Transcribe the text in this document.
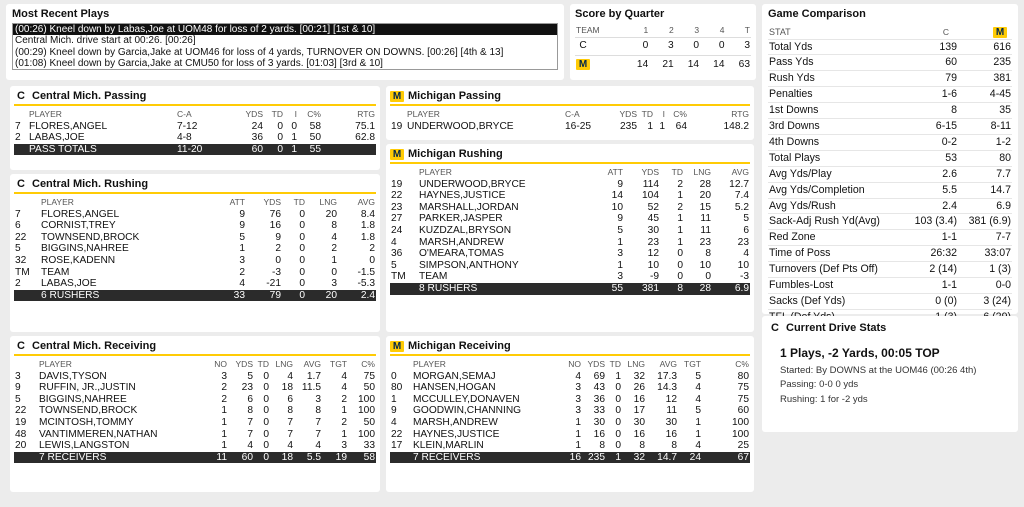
Most Recent Plays
(00:26) Kneel down by Labas,Joe at UOM48 for loss of 2 yards. [00:21] [1st & 10]
Central Mich. drive start at 00:26. [00:26]
(00:29) Kneel down by Garcia,Jake at UOM46 for loss of 4 yards, TURNOVER ON DOWNS. [00:26] [4th & 13]
(01:08) Kneel down by Garcia,Jake at CMU50 for loss of 3 yards. [01:03] [3rd & 10]
Score by Quarter
TEAM	1	2	3	4	T
C	0	3	0	0	3
M	14	21	14	14	63
C Central Mich. Passing
	PLAYER	C-A	YDS	TD	I	C%	RTG
7	FLORES,ANGEL	7-12	24	0	0	58	75.1
2	LABAS,JOE	4-8	36	0	1	50	62.8
	PASS TOTALS	11-20	60	0	1	55	
C Central Mich. Rushing
	PLAYER	ATT	YDS	TD	LNG	AVG
7	FLORES,ANGEL	9	76	0	20	8.4
6	CORNIST,TREY	9	16	0	8	1.8
22	TOWNSEND,BROCK	5	9	0	4	1.8
5	BIGGINS,NAHREE	1	2	0	2	2
32	ROSE,KADENN	3	0	0	1	0
TM	TEAM	2	-3	0	0	-1.5
2	LABAS,JOE	4	-21	0	3	-5.3
	6 RUSHERS	33	79	0	20	2.4
C Central Mich. Receiving
	PLAYER	NO	YDS	TD	LNG	AVG	TGT	C%
3	DAVIS,TYSON	3	5	0	4	1.7	4	75
9	RUFFIN, JR.,JUSTIN	2	23	0	18	11.5	4	50
5	BIGGINS,NAHREE	2	6	0	6	3	2	100
22	TOWNSEND,BROCK	1	8	0	8	8	1	100
19	MCINTOSH,TOMMY	1	7	0	7	7	2	50
48	VANTIMMEREN,NATHAN	1	7	0	7	7	1	100
20	LEWIS,LANGSTON	1	4	0	4	4	3	33
	7 RECEIVERS	11	60	0	18	5.5	19	58
M Michigan Passing
	PLAYER	C-A	YDS	TD	I	C%	RTG
19	UNDERWOOD,BRYCE	16-25	235	1	1	64	148.2
M Michigan Rushing
	PLAYER	ATT	YDS	TD	LNG	AVG
19	UNDERWOOD,BRYCE	9	114	2	28	12.7
22	HAYNES,JUSTICE	14	104	1	20	7.4
23	MARSHALL,JORDAN	10	52	2	15	5.2
27	PARKER,JASPER	9	45	1	11	5
24	KUZDZAL,BRYSON	5	30	1	11	6
4	MARSH,ANDREW	1	23	1	23	23
36	O'MEARA,TOMAS	3	12	0	8	4
5	SIMPSON,ANTHONY	1	10	0	10	10
TM	TEAM	3	-9	0	0	-3
	8 RUSHERS	55	381	8	28	6.9
M Michigan Receiving
	PLAYER	NO	YDS	TD	LNG	AVG	TGT	C%
0	MORGAN,SEMAJ	4	69	1	32	17.3	5	80
80	HANSEN,HOGAN	3	43	0	26	14.3	4	75
1	MCCULLEY,DONAVEN	3	36	0	16	12	4	75
9	GOODWIN,CHANNING	3	33	0	17	11	5	60
4	MARSH,ANDREW	1	30	0	30	30	1	100
22	HAYNES,JUSTICE	1	16	0	16	16	1	100
17	KLEIN,MARLIN	1	8	0	8	8	4	25
	7 RECEIVERS	16	235	1	32	14.7	24	67
Game Comparison
STAT	C	M
Total Yds	139	616
Pass Yds	60	235
Rush Yds	79	381
Penalties	1-6	4-45
1st Downs	8	35
3rd Downs	6-15	8-11
4th Downs	0-2	1-2
Total Plays	53	80
Avg Yds/Play	2.6	7.7
Avg Yds/Completion	5.5	14.7
Avg Yds/Rush	2.4	6.9
Sack-Adj Rush Yd(Avg)	103 (3.4)	381 (6.9)
Red Zone	1-1	7-7
Time of Poss	26:32	33:07
Turnovers (Def Pts Off)	2 (14)	1 (3)
Fumbles-Lost	1-1	0-0
Sacks (Def Yds)	0 (0)	3 (24)

C Current Drive Stats
1 Plays, -2 Yards, 00:05 TOP
Started: By DOWNS at the UOM46 (00:26 4th)
Passing: 0-0 0 yds
Rushing: 1 for -2 yds
